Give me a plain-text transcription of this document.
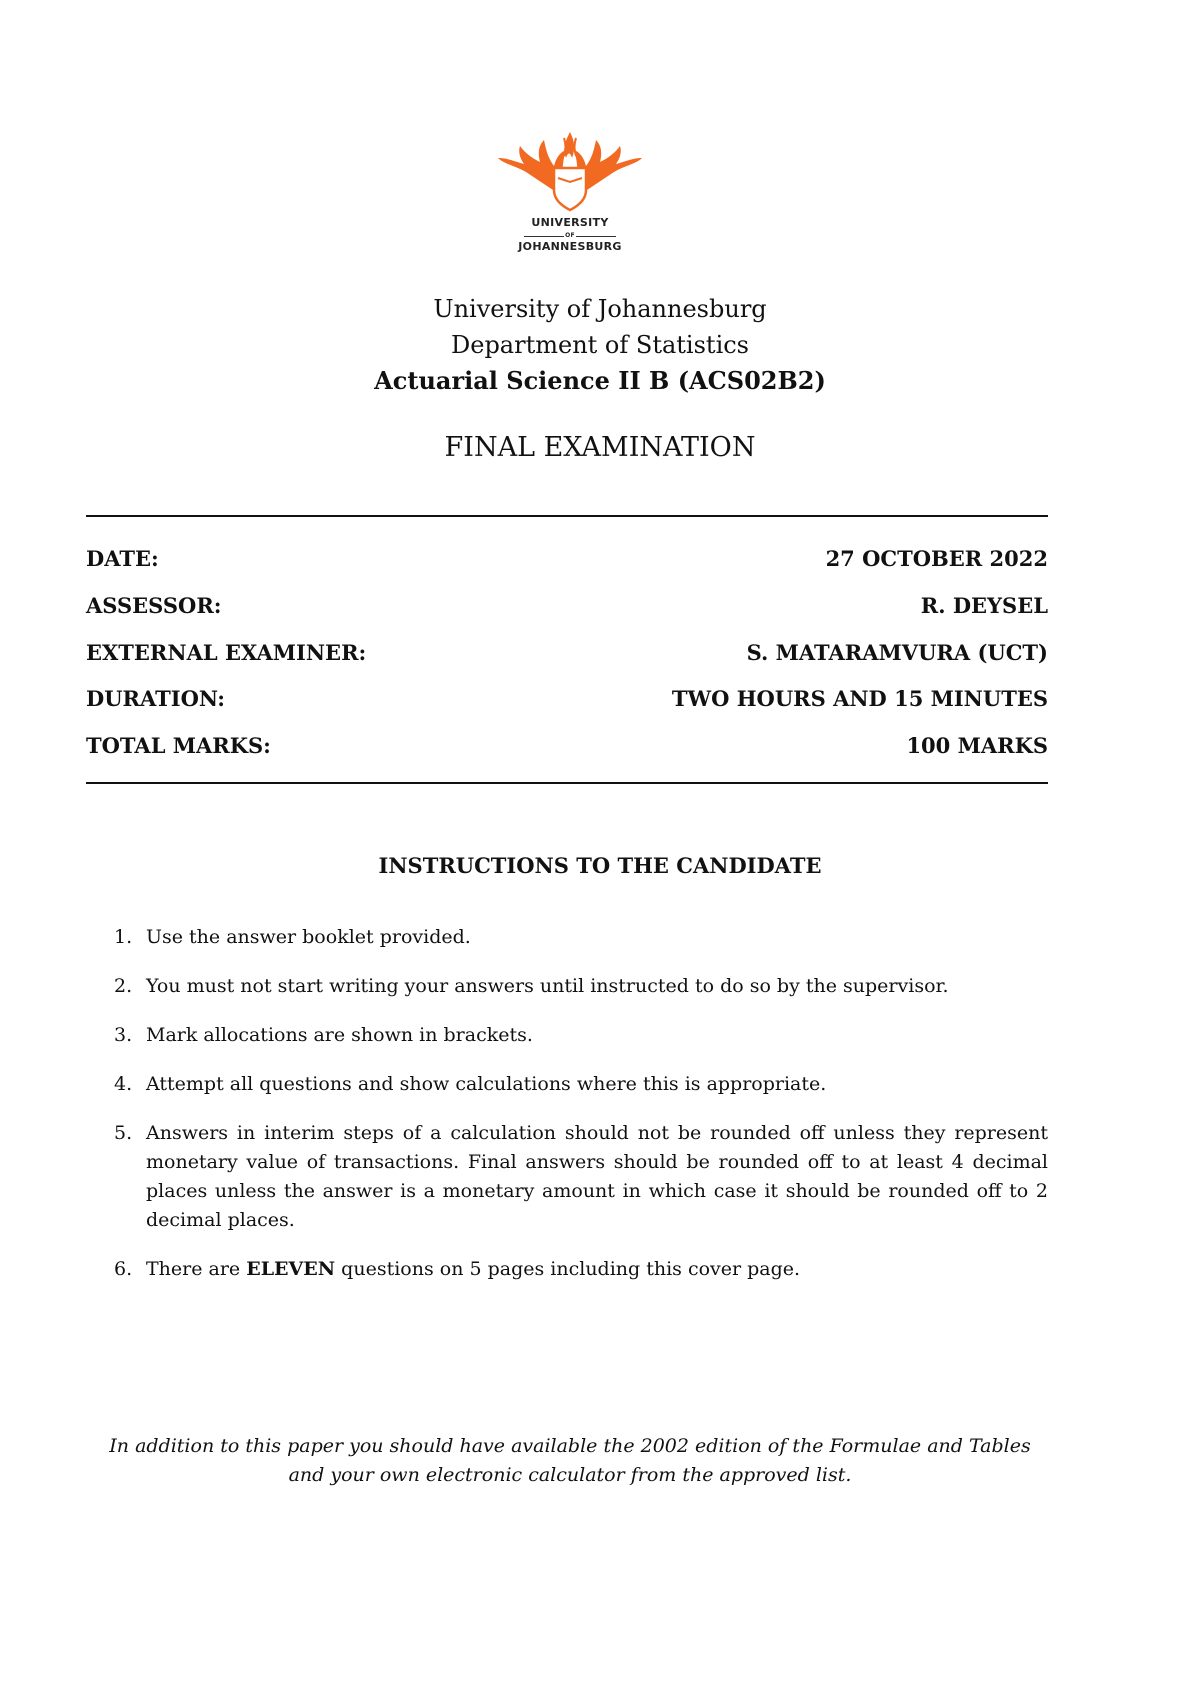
UNIVERSITY
OF
JOHANNESBURG
University of Johannesburg
Department of Statistics
Actuarial Science II B (ACS02B2)
FINAL EXAMINATION
DATE:	27 OCTOBER 2022
ASSESSOR:	R. DEYSEL
EXTERNAL EXAMINER:	S. MATARAMVURA (UCT)
DURATION:	TWO HOURS AND 15 MINUTES
TOTAL MARKS:	100 MARKS
INSTRUCTIONS TO THE CANDIDATE
1. Use the answer booklet provided.
2. You must not start writing your answers until instructed to do so by the supervisor.
3. Mark allocations are shown in brackets.
4. Attempt all questions and show calculations where this is appropriate.
5. Answers in interim steps of a calculation should not be rounded off unless they represent monetary value of transactions. Final answers should be rounded off to at least 4 decimal places unless the answer is a monetary amount in which case it should be rounded off to 2 decimal places.
6. There are ELEVEN questions on 5 pages including this cover page.
In addition to this paper you should have available the 2002 edition of the Formulae and Tables and your own electronic calculator from the approved list.
